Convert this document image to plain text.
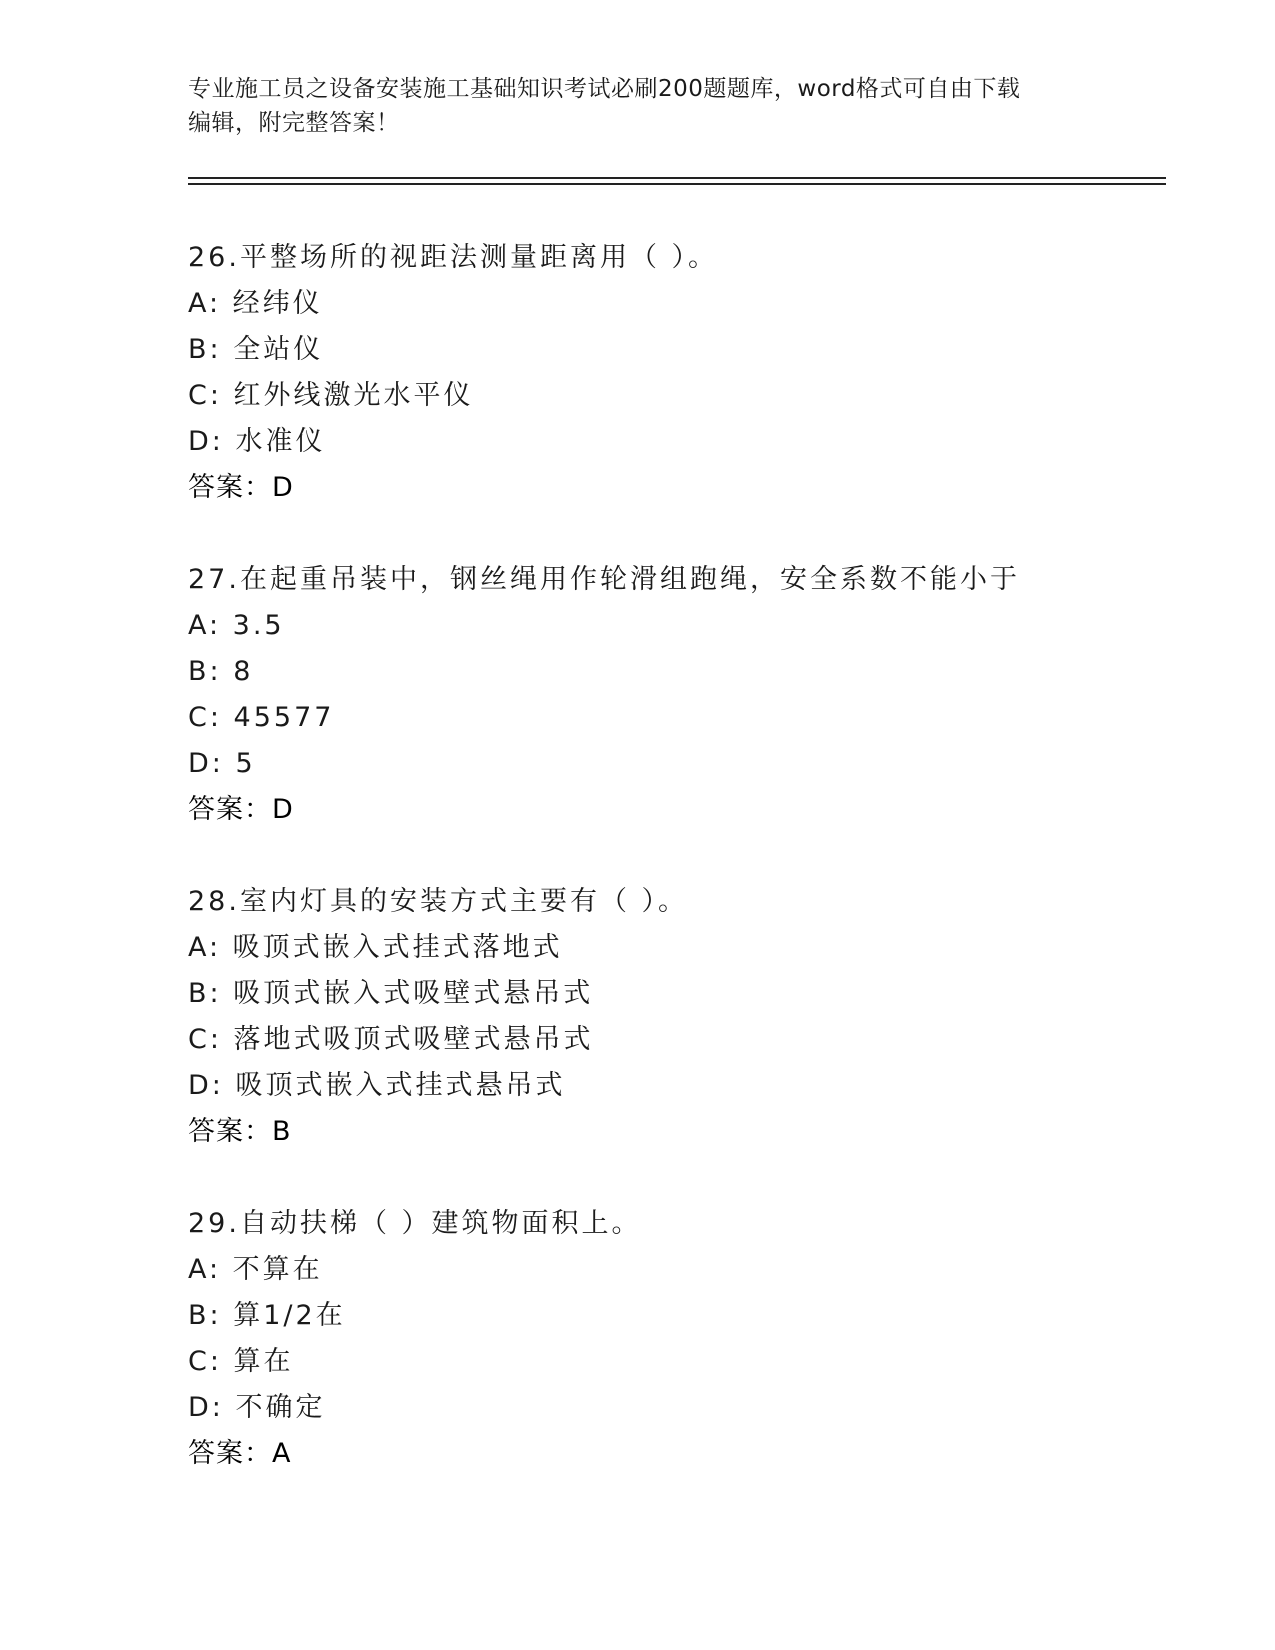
专业施工员之设备安装施工基础知识考试必刷200题题库，word格式可自由下载
编辑，附完整答案！
26.平整场所的视距法测量距离用（ ）。
A: 经纬仪
B: 全站仪
C: 红外线激光水平仪
D: 水准仪
答案：D
27.在起重吊装中，钢丝绳用作轮滑组跑绳，安全系数不能小于
A: 3.5
B: 8
C: 45577
D: 5
答案：D
28.室内灯具的安装方式主要有（ ）。
A: 吸顶式嵌入式挂式落地式
B: 吸顶式嵌入式吸壁式悬吊式
C: 落地式吸顶式吸壁式悬吊式
D: 吸顶式嵌入式挂式悬吊式
答案：B
29.自动扶梯（ ）建筑物面积上。
A: 不算在
B: 算1/2在
C: 算在
D: 不确定
答案：A
